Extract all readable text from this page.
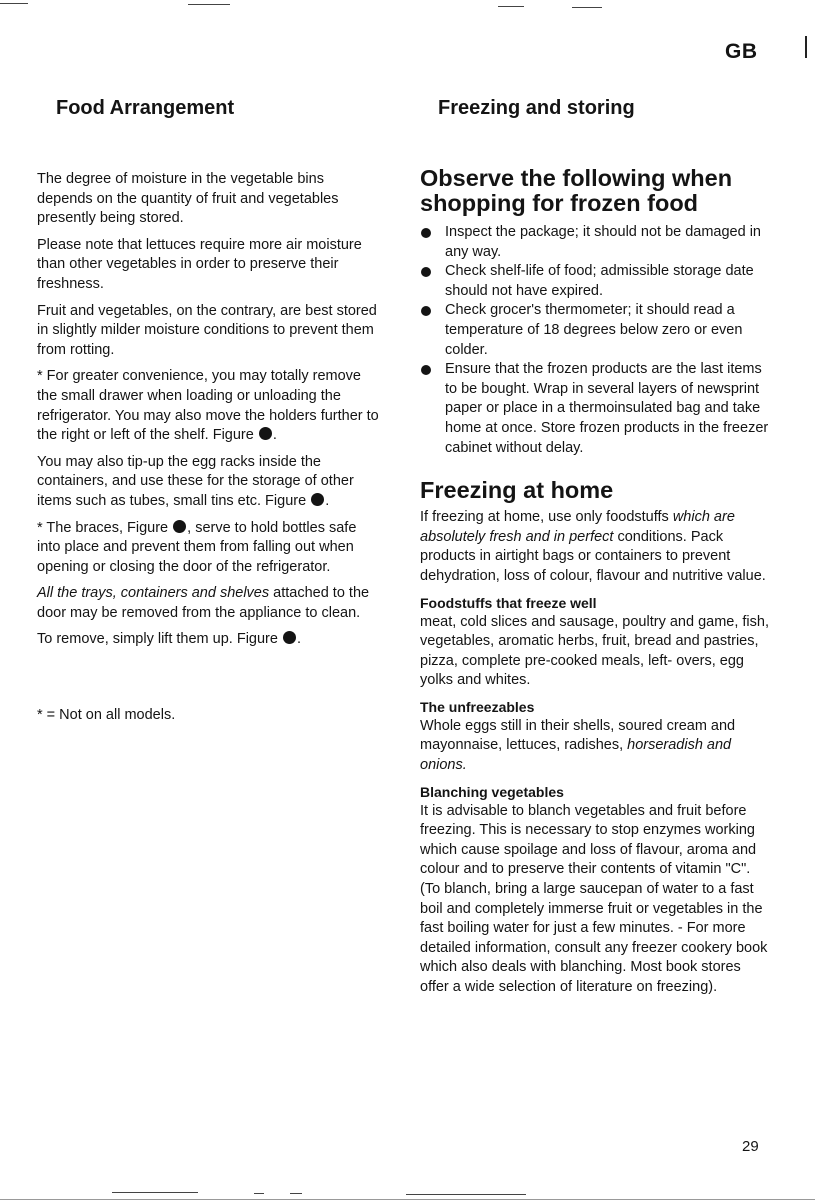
GB
Food Arrangement

The degree of moisture in the vegetable bins depends on the quantity of fruit and vegetables presently being stored.

Please note that lettuces require more air moisture than other vegetables in order to preserve their freshness.

Fruit and vegetables, on the contrary, are best stored in slightly milder moisture conditions to prevent them from rotting.

* For greater convenience, you may totally remove the small drawer when loading or unloading the refrigerator. You may also move the holders further to the right or left of the shelf. Figure .

You may also tip-up the egg racks inside the containers, and use these for the storage of other items such as tubes, small tins etc. Figure .

* The braces, Figure , serve to hold bottles safe into place and prevent them from falling out when opening or closing the door of the refrigerator.

All the trays, containers and shelves attached to the door may be removed from the appliance to clean.

To remove, simply lift them up. Figure .

* = Not on all models.

Freezing and storing
Observe the following when shopping for frozen food
Inspect the package; it should not be damaged in any way.
Check shelf-life of food; admissible storage date should not have expired.
Check grocer's thermometer; it should read a temperature of 18 degrees below zero or even colder.
Ensure that the frozen products are the last items to be bought. Wrap in several layers of newsprint paper or place in a thermoinsulated bag and take home at once. Store frozen products in the freezer cabinet without delay.
Freezing at home

If freezing at home, use only foodstuffs which are absolutely fresh and in perfect conditions. Pack products in airtight bags or containers to prevent dehydration, loss of colour, flavour and nutritive value.

Foodstuffs that freeze well

meat, cold slices and sausage, poultry and game, fish, vegetables, aromatic herbs, fruit, bread and pastries, pizza, complete pre-cooked meals, left- overs, egg yolks and whites.

The unfreezables

Whole eggs still in their shells, soured cream and mayonnaise, lettuces, radishes, horseradish and onions.

Blanching vegetables

It is advisable to blanch vegetables and fruit before freezing. This is necessary to stop enzymes working which cause spoilage and loss of flavour, aroma and colour and to preserve their contents of vitamin "C". (To blanch, bring a large saucepan of water to a fast boil and completely immerse fruit or vegetables in the fast boiling water for just a few minutes. - For more detailed information, consult any freezer cookery book which also deals with blanching. Most book stores offer a wide selection of literature on freezing).

29
